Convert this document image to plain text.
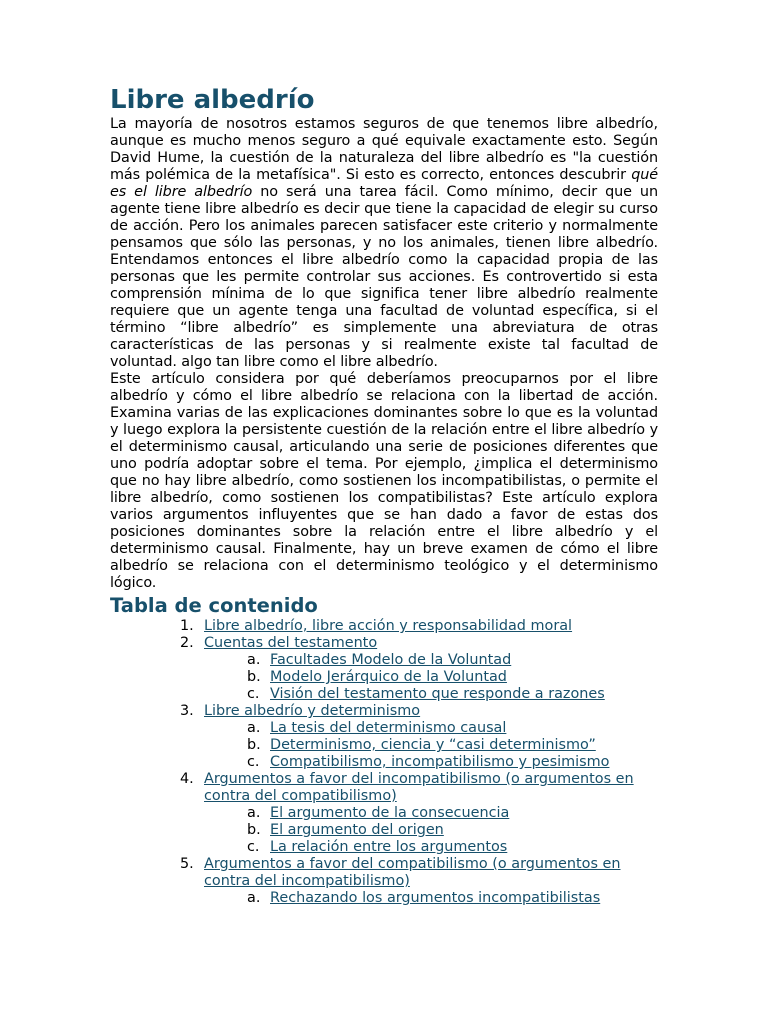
Libre albedrío

La mayoría de nosotros estamos seguros de que tenemos libre albedrío, aunque es mucho menos seguro a qué equivale exactamente esto. Según David Hume, la cuestión de la naturaleza del libre albedrío es "la cuestión más polémica de la metafísica". Si esto es correcto, entonces descubrir qué es el libre albedrío no será una tarea fácil. Como mínimo, decir que un agente tiene libre albedrío es decir que tiene la capacidad de elegir su curso de acción. Pero los animales parecen satisfacer este criterio y normalmente pensamos que sólo las personas, y no los animales, tienen libre albedrío. Entendamos entonces el libre albedrío como la capacidad propia de las personas que les permite controlar sus acciones. Es controvertido si esta comprensión mínima de lo que significa tener libre albedrío realmente requiere que un agente tenga una facultad de voluntad específica, si el término “libre albedrío” es simplemente una abreviatura de otras características de las personas y si realmente existe tal facultad de voluntad. algo tan libre como el libre albedrío.

Este artículo considera por qué deberíamos preocuparnos por el libre albedrío y cómo el libre albedrío se relaciona con la libertad de acción. Examina varias de las explicaciones dominantes sobre lo que es la voluntad y luego explora la persistente cuestión de la relación entre el libre albedrío y el determinismo causal, articulando una serie de posiciones diferentes que uno podría adoptar sobre el tema. Por ejemplo, ¿implica el determinismo que no hay libre albedrío, como sostienen los incompatibilistas, o permite el libre albedrío, como sostienen los compatibilistas? Este artículo explora varios argumentos influyentes que se han dado a favor de estas dos posiciones dominantes sobre la relación entre el libre albedrío y el determinismo causal. Finalmente, hay un breve examen de cómo el libre albedrío se relaciona con el determinismo teológico y el determinismo lógico.

Tabla de contenido
1. Libre albedrío, libre acción y responsabilidad moral
2. Cuentas del testamento
a. Facultades Modelo de la Voluntad
b. Modelo Jerárquico de la Voluntad
c. Visión del testamento que responde a razones
3. Libre albedrío y determinismo
a. La tesis del determinismo causal
b. Determinismo, ciencia y “casi determinismo”
c. Compatibilismo, incompatibilismo y pesimismo
4. Argumentos a favor del incompatibilismo (o argumentos en contra del compatibilismo)
a. El argumento de la consecuencia
b. El argumento del origen
c. La relación entre los argumentos
5. Argumentos a favor del compatibilismo (o argumentos en contra del incompatibilismo)
a. Rechazando los argumentos incompatibilistas
